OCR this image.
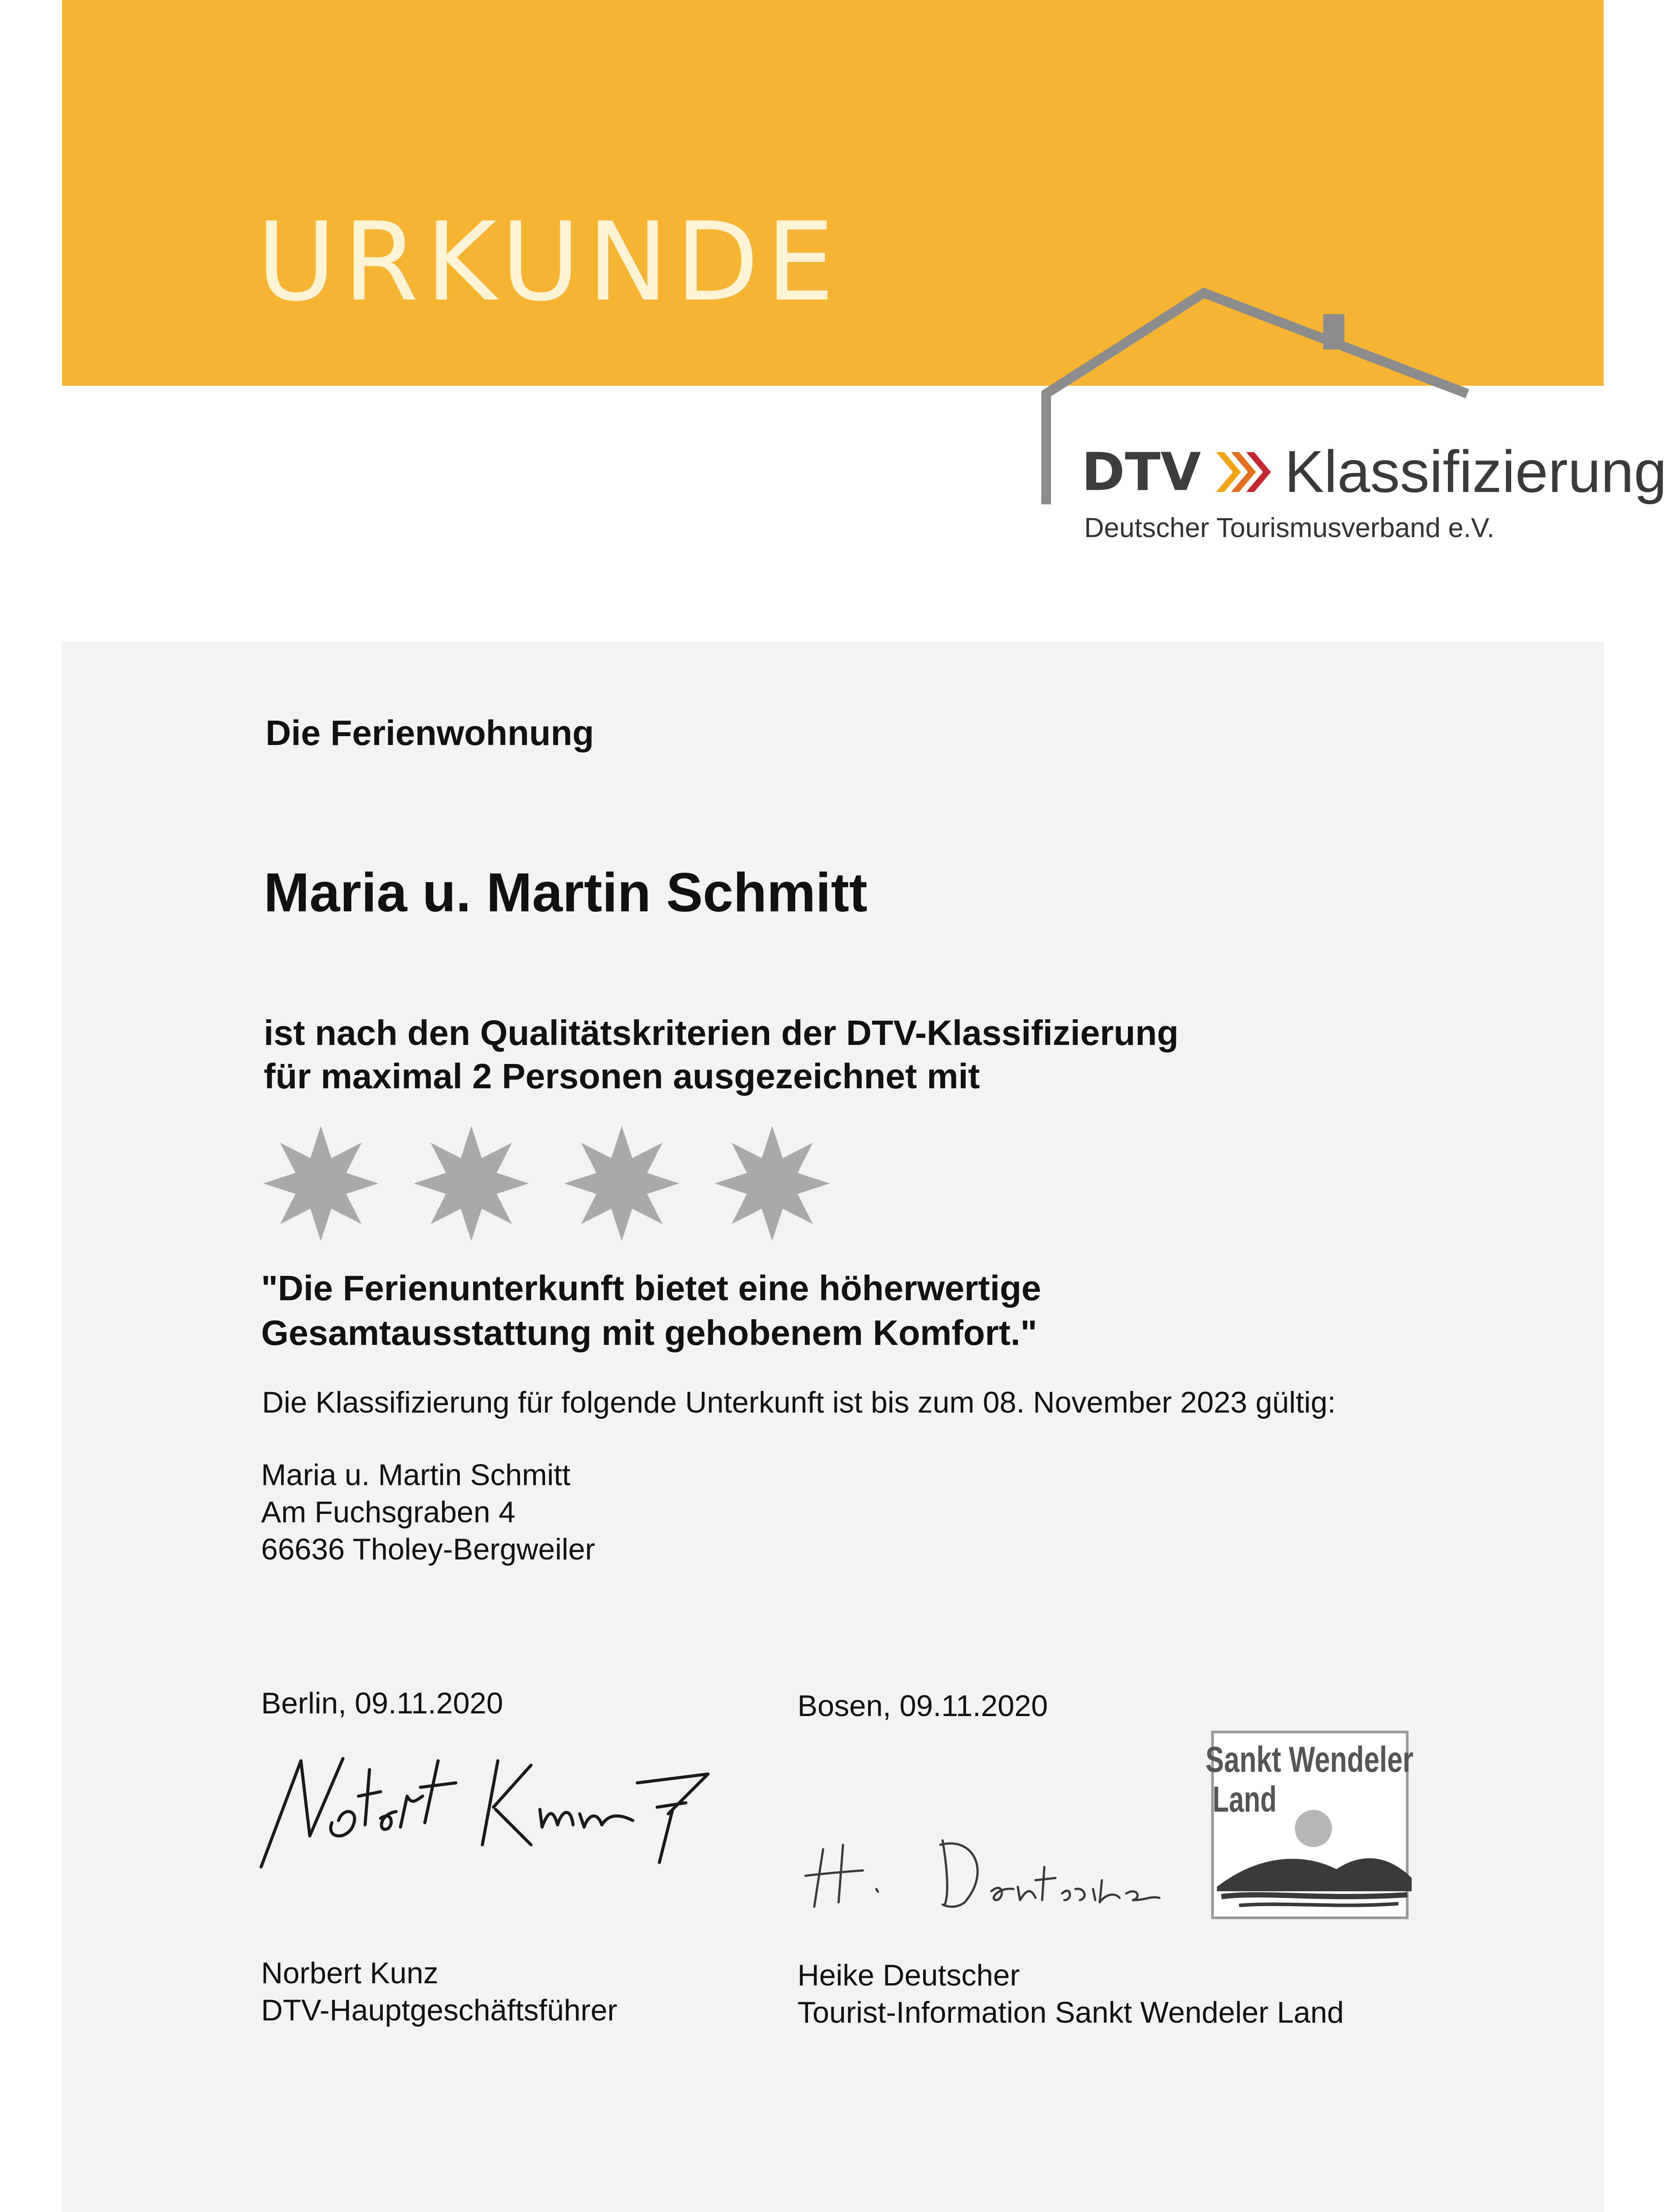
URKUNDE
DTV Klassifizierung
Deutscher Tourismusverband e.V.
Die Ferienwohnung
Maria u. Martin Schmitt
ist nach den Qualitätskriterien der DTV-Klassifizierung
für maximal 2 Personen ausgezeichnet mit
"Die Ferienunterkunft bietet eine höherwertige
Gesamtausstattung mit gehobenem Komfort."
Die Klassifizierung für folgende Unterkunft ist bis zum 08. November 2023 gültig:
Maria u. Martin Schmitt
Am Fuchsgraben 4
66636 Tholey-Bergweiler
Berlin, 09.11.2020	Bosen, 09.11.2020
Sankt Wendeler
Land
Norbert Kunz
DTV-Hauptgeschäftsführer
Heike Deutscher
Tourist-Information Sankt Wendeler Land
